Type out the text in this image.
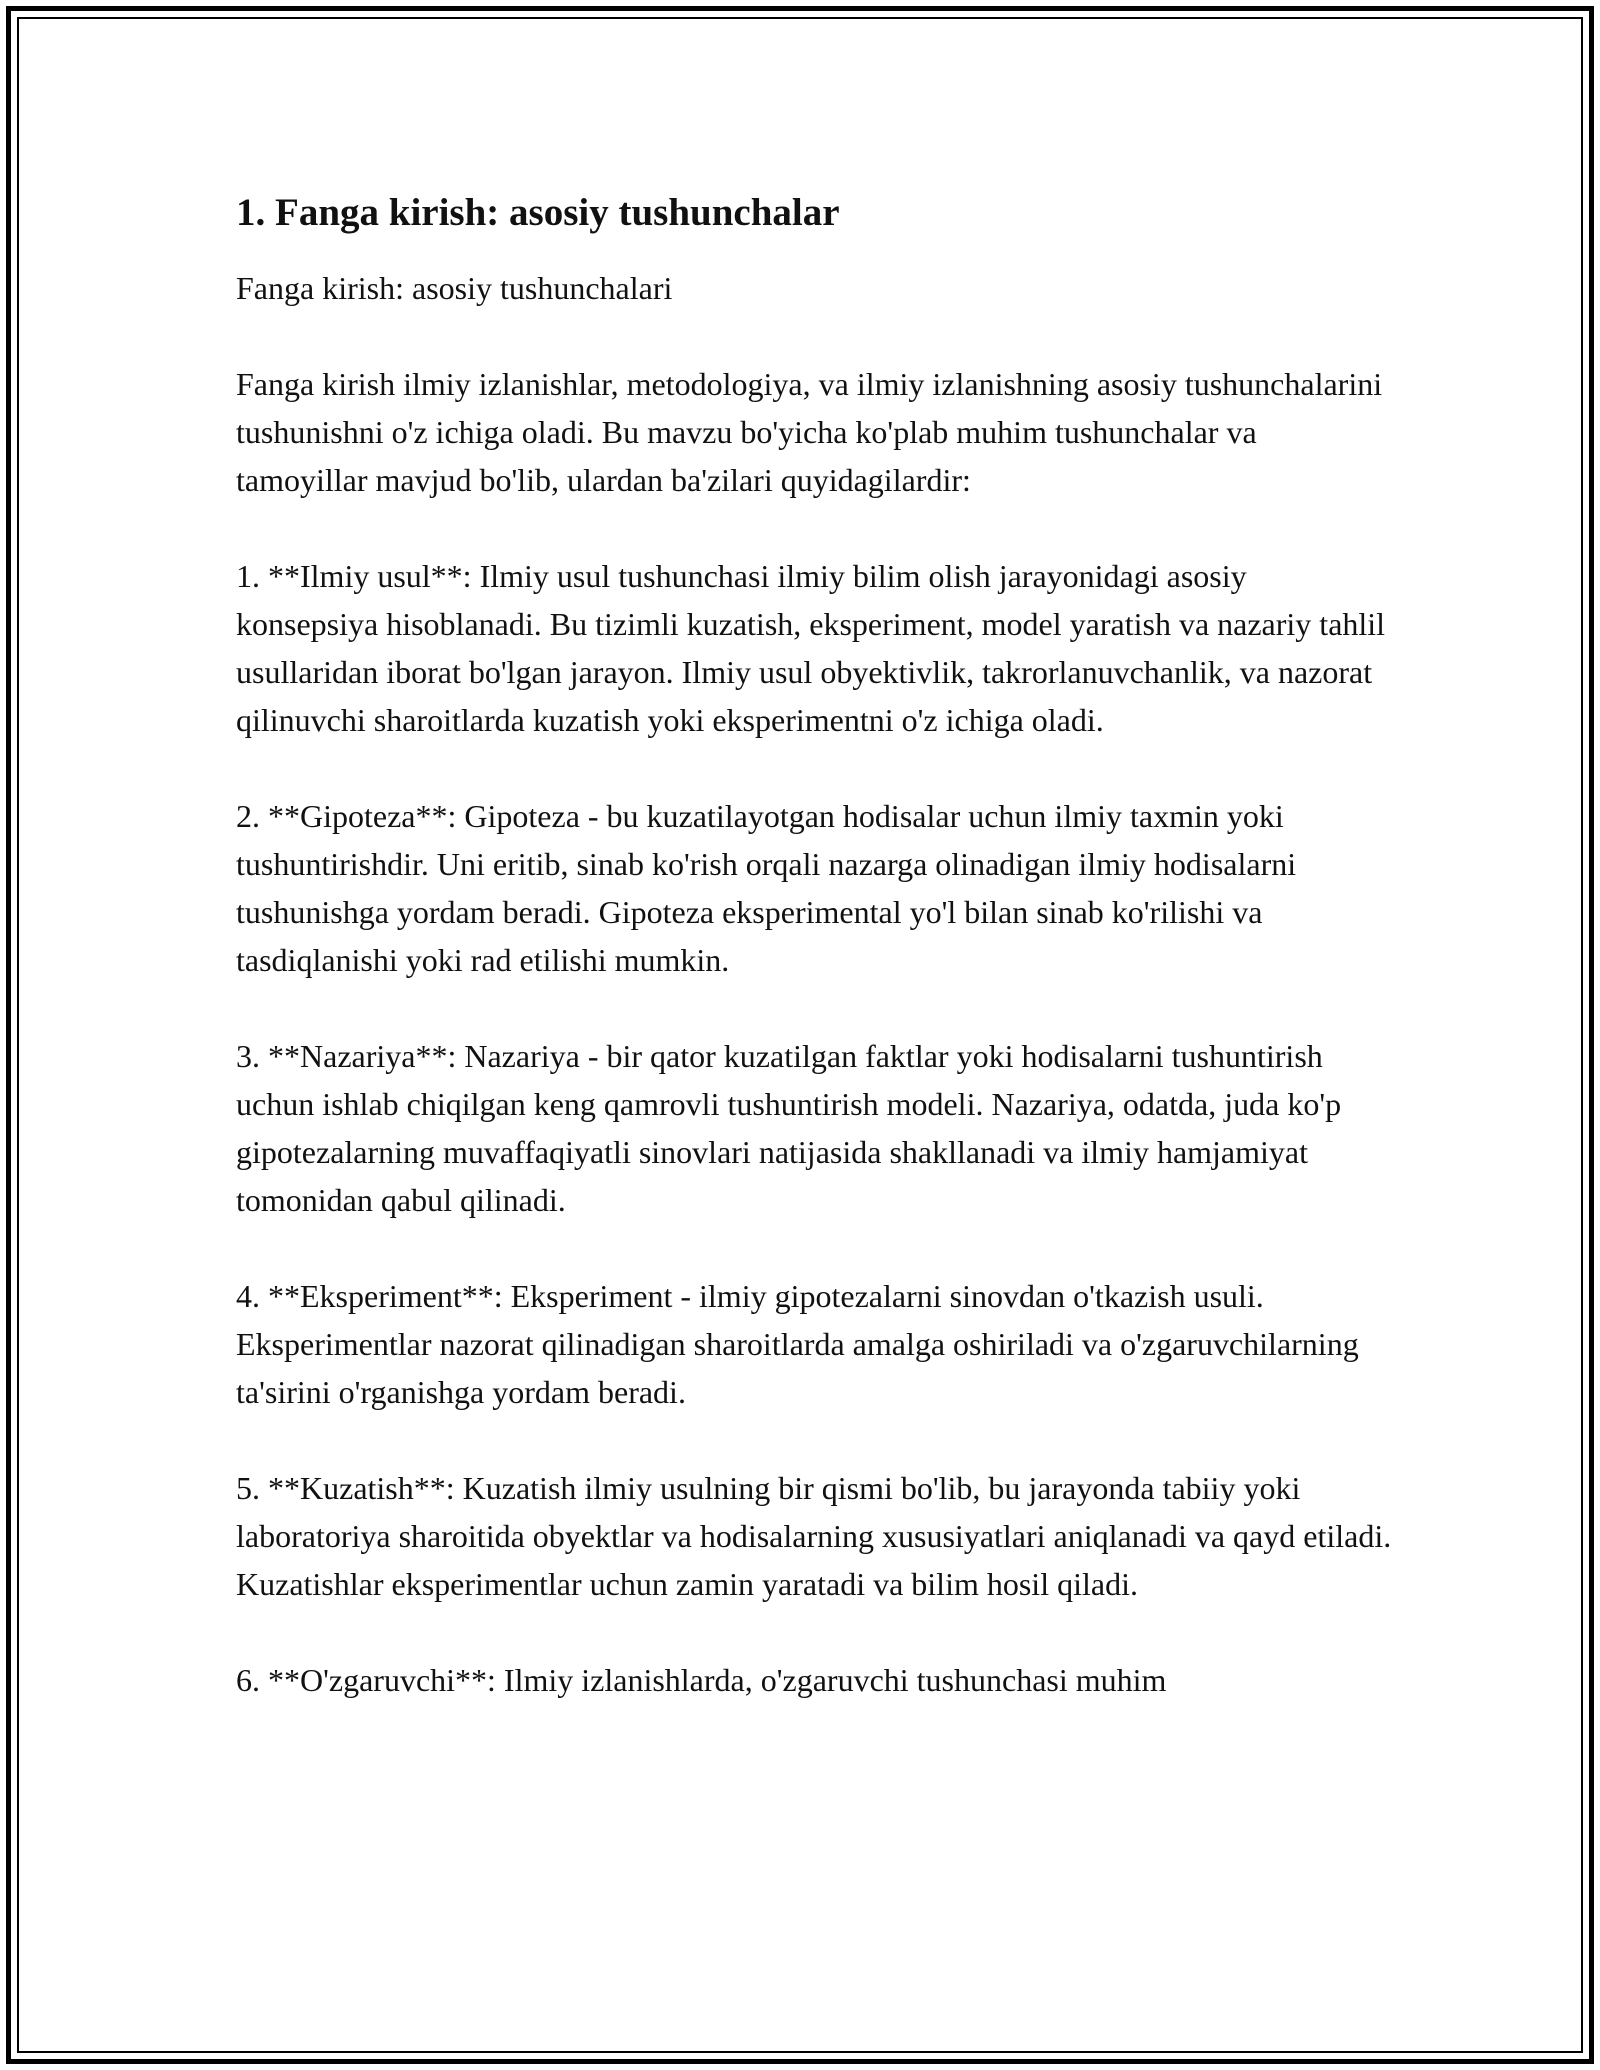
1. Fanga kirish: asosiy tushunchalar

Fanga kirish: asosiy tushunchalari

Fanga kirish ilmiy izlanishlar, metodologiya, va ilmiy izlanishning asosiy tushunchalarini tushunishni o'z ichiga oladi. Bu mavzu bo'yicha ko'plab muhim tushunchalar va tamoyillar mavjud bo'lib, ulardan ba'zilari quyidagilardir:

1. **Ilmiy usul**: Ilmiy usul tushunchasi ilmiy bilim olish jarayonidagi asosiy konsepsiya hisoblanadi. Bu tizimli kuzatish, eksperiment, model yaratish va nazariy tahlil usullaridan iborat bo'lgan jarayon. Ilmiy usul obyektivlik, takrorlanuvchanlik, va nazorat qilinuvchi sharoitlarda kuzatish yoki eksperimentni o'z ichiga oladi.

2. **Gipoteza**: Gipoteza - bu kuzatilayotgan hodisalar uchun ilmiy taxmin yoki tushuntirishdir. Uni eritib, sinab ko'rish orqali nazarga olinadigan ilmiy hodisalarni tushunishga yordam beradi. Gipoteza eksperimental yo'l bilan sinab ko'rilishi va tasdiqlanishi yoki rad etilishi mumkin.

3. **Nazariya**: Nazariya - bir qator kuzatilgan faktlar yoki hodisalarni tushuntirish uchun ishlab chiqilgan keng qamrovli tushuntirish modeli. Nazariya, odatda, juda ko'p gipotezalarning muvaffaqiyatli sinovlari natijasida shakllanadi va ilmiy hamjamiyat tomonidan qabul qilinadi.

4. **Eksperiment**: Eksperiment - ilmiy gipotezalarni sinovdan o'tkazish usuli. Eksperimentlar nazorat qilinadigan sharoitlarda amalga oshiriladi va o'zgaruvchilarning ta'sirini o'rganishga yordam beradi.

5. **Kuzatish**: Kuzatish ilmiy usulning bir qismi bo'lib, bu jarayonda tabiiy yoki laboratoriya sharoitida obyektlar va hodisalarning xususiyatlari aniqlanadi va qayd etiladi. Kuzatishlar eksperimentlar uchun zamin yaratadi va bilim hosil qiladi.

6. **O'zgaruvchi**: Ilmiy izlanishlarda, o'zgaruvchi tushunchasi muhim
